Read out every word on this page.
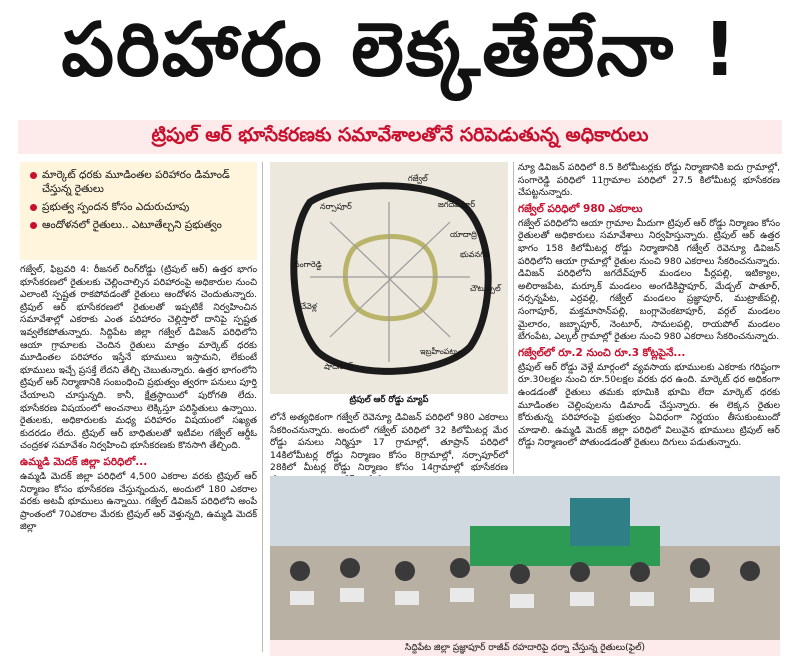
పరిహారం లెక్కతేలేనా !
ట్రిపుల్ ఆర్ భూసేకరణకు సమావేశాలతోనే సరిపెడుతున్న అధికారులు
మార్కెట్ ధరకు మూడింతల పరిహారం డిమాండ్ చేస్తున్న రైతులు
ప్రభుత్వ స్పందన కోసం ఎదురుచూపు
ఆందోళనలో రైతులు.. ఎటూతేల్చని ప్రభుత్వం

గజ్వేల్, ఫిబ్రవరి 4: రీజనల్ రింగ్‌రోడ్డు (ట్రిపుల్ ఆర్) ఉత్తర భాగం భూసేకరణలో రైతులకు చెల్లించాల్సిన పరిహారంపై అధికారుల నుంచి ఎలాంటి స్పష్టత రాకపోవడంతో రైతులు ఆందోళన చెందుతున్నారు. ట్రిపుల్ ఆర్ భూసేకరణలో రైతులతో ఇప్పటికే నిర్వహించిన సమావేశాల్లో ఎకరాకు ఎంత పరిహారం చెల్లిస్తారో దానిపై స్పష్టత ఇవ్వలేకపోతున్నారు. సిద్దిపేట జిల్లా గజ్వేల్ డివిజన్ పరిధిలోని ఆయా గ్రామాలకు చెందిన రైతులు మాత్రం మార్కెట్ ధరకు మూడింతల పరిహారం ఇస్తేనే భూములు ఇస్తామని, లేకుంటే భూములు ఇచ్చే ప్రసక్తే లేదని తేల్చి చెబుతున్నారు. ఉత్తర భాగంలోని ట్రిపుల్ ఆర్ నిర్మాణానికి సంబంధించి ప్రభుత్వం త్వరగా పనులు పూర్తి చేయాలని చూస్తున్నది. కానీ, క్షేత్రస్థాయిలో పురోగతి లేదు. భూసేకరణ విషయంలో అంచనాలు లెక్కిస్తూ పరిస్థితులు ఉన్నాయి. రైతులకు, అధికారులకు మధ్య పరిహారం విషయంలో సఖ్యత కుదరడం లేదు. ట్రిపుల్ ఆర్ బాధితులతో ఇటీవల గజ్వేల్ ఆర్డీఓ చంద్రకళ సమావేశం నిర్వహించి భూసేకరణకు కొనసాగి తేల్చింది.

ఉమ్మడి మెదక్ జిల్లా పరిధిలో...

ఉమ్మడి మెదక్ జిల్లా పరిధిలో 4,500 ఎకరాల వరకు ట్రిపుల్ ఆర్ నిర్మాణం కోసం భూసేకరణ చేస్తున్నందున, అందులో 180 ఎకరాల వరకు అటవీ భూములు ఉన్నాయి. గజ్వేల్ డివిజన్ పరిధిలోని అంపే ప్రాంతంలో 70ఎకరాల మేరకు ట్రిపుల్ ఆర్ వెళ్తున్నది, ఉమ్మడి మెదక్ జిల్లా

గజ్వేల్
జగదేవ్‌పూర్
సంగారెడ్డి
భువనగిరి
చౌటుప్పల్
యాదాద్రి
చేవెళ్ల
షాద్‌నగర్
ఇబ్రహీంపట్నం
నర్సాపూర్
ట్రిపుల్ ఆర్ రోడ్డు మ్యాప్

లోనే అత్యధికంగా గజ్వేల్ రెవెన్యూ డివిజన్ పరిధిలో 980 ఎకరాలు సేకరించనున్నారు. అందులో గజ్వేల్ పరిధిలో 32 కిలోమీటర్ల మేర రోడ్డు పనులు నిర్మిస్తూ 17 గ్రామాల్లో, తూప్రాన్ పరిధిలో 14కిలోమీటర్ల రోడ్డు నిర్మాణం కోసం 8గ్రామాల్లో, నర్సాపూర్‌లో 28కిలో మీటర్ల రోడ్డు నిర్మాణం కోసం 14గ్రామాల్లో భూసేకరణ

న్యూ డివిజన్ పరిధిలో 8.5 కిలోమీటర్లకు రోడ్డు నిర్మాణానికి ఐదు గ్రామాల్లో, సంగారెడ్డి పరిధిలో 11గ్రామాల పరిధిలో 27.5 కిలోమీటర్ల భూసేకరణ చేపట్టనున్నారు.

గజ్వేల్ పరిధిలో 980 ఎకరాలు

గజ్వేల్ పరిధిలోని ఆయా గ్రామాల మీదుగా ట్రిపుల్ ఆర్ రోడ్డు నిర్మాణం కోసం రైతులతో అధికారులు సమావేశాలు నిర్వహిస్తున్నారు. ట్రిపుల్ ఆర్ ఉత్తర భాగం 158 కిలోమీటర్ల రోడ్డు నిర్మాణానికి గజ్వేల్ రెవెన్యూ డివిజన్ పరిధిలోని ఆయా గ్రామాల్లో రైతుల నుంచి 980 ఎకరాలు సేకరించనున్నారు. డివిజన్ పరిధిలోని జగదేవ్‌పూర్ మండలం పీర్లపల్లి, ఇటిక్యాల, అలిరాజపేట, మర్కూక్ మండలం అంగడికిష్టాపూర్, మేడ్చల్ పాతూర్, నర్సన్నపేట, ఎర్రవల్లి, గజ్వేల్ మండలం ప్రజ్ఞాపూర్, ముట్రాజ్‌పల్లి, సంగాపూర్, మక్తమాసాన్‌పల్లి, బంగ్లావెంకటాపూర్, వర్గల్ మండలం మైలారం, జబ్బాపూర్, నెంటూర్, సామలపల్లి, రాయపోల్ మండలం బేగంపేట, ఎల్కల్ గ్రామాల్లో రైతుల నుంచి 980 ఎకరాలు సేకరించనున్నారు.

గజ్వేల్‌లో రూ.2 నుంచి రూ.3 కోట్లపైనే...

ట్రిపుల్ ఆర్ రోడ్డు వెళ్లే మార్గంలో వ్యవసాయ భూములకు ఎకరాకు గరిష్ఠంగా రూ.30లక్షల నుంచి రూ.50లక్షల వరకు ధర ఉంది. మార్కెట్ ధర అధికంగా ఉండడంతో రైతులు తమకు భూమికి భూమి లేదా మార్కెట్ ధరకు మూడింతల చెల్లింపులను డిమాండ్ చేస్తున్నారు. ఈ లెక్కన రైతుల కోరుతున్న పరిహారంపై ప్రభుత్వం ఏవిధంగా నిర్ణయం తీసుకుంటుందో చూడాలి. ఉమ్మడి మెదక్ జిల్లా పరిధిలో విలువైన భూములు ట్రిపుల్ ఆర్ రోడ్డు నిర్మాణంలో పోతుండడంతో రైతులు దిగులు పడుతున్నారు.

సిద్దిపేట జిల్లా ప్రజ్ఞాపూర్ రాజీవ్ రహదారిపై ధర్నా చేస్తున్న రైతులు(ఫైల్)
